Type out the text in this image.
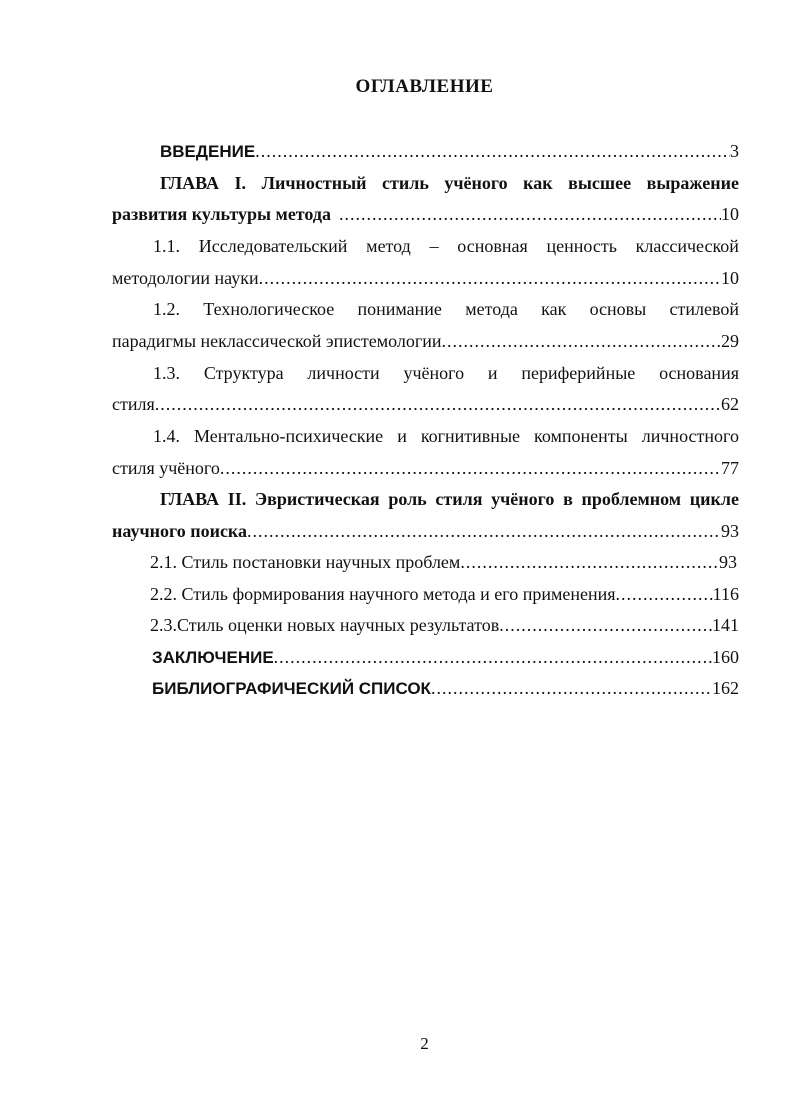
ОГЛАВЛЕНИЕ
ВВЕДЕНИЕ .....	3
ГЛАВА I. Личностный стиль учёного как высшее выражение
развития культуры метода .....	10
1.1. Исследовательский метод – основная ценность классической
методологии науки .....	10
1.2. Технологическое понимание метода как основы стилевой
парадигмы неклассической эпистемологии .....	29
1.3. Структура личности учёного и периферийные основания
стиля .....	62
1.4. Ментально-психические и когнитивные компоненты личностного
стиля учёного .....	77
ГЛАВА II. Эвристическая роль стиля учёного в проблемном цикле
научного поиска .....	93
2.1. Стиль постановки научных проблем .....	93
2.2. Стиль формирования научного метода и его применения .....	116
2.3.Стиль оценки новых научных результатов .....	141
ЗАКЛЮЧЕНИЕ .....	160
БИБЛИОГРАФИЧЕСКИЙ СПИСОК .....	162
2
